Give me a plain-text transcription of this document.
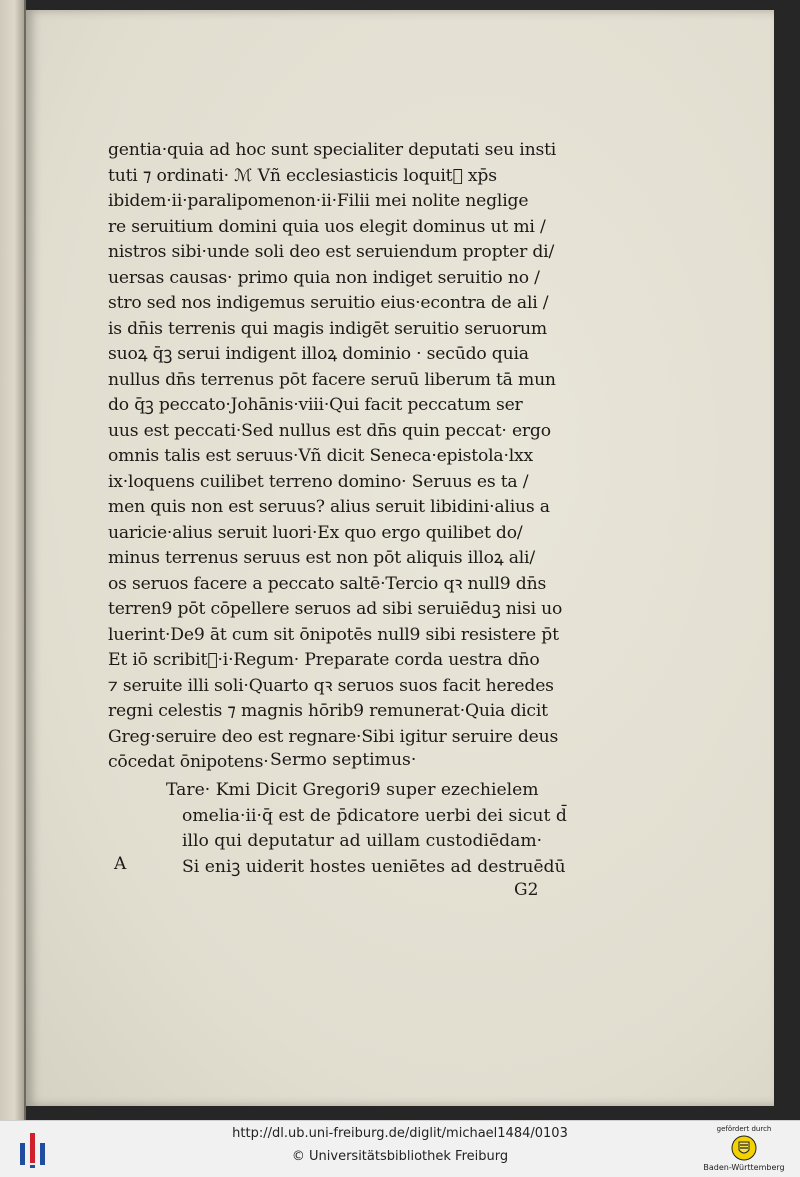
gentia·quia ad hoc sunt specialiter deputati seu insti
tuti ⁊ ordinati· ℳ Vñ ecclesiasticis loquit᷑ xp̄s
ibidem·ii·paralipomenon·ii·Filii mei nolite neglige
re seruitium domini quia uos elegit dominus ut mi /
nistros sibi·unde soli deo est seruiendum propter di/
uersas causas· primo quia non indiget seruitio no /
stro sed nos indigemus seruitio eius·econtra de ali /
is dn̄is terrenis qui magis indigēt seruitio seruorum
suoꝝ q̄ꝫ serui indigent illoꝝ dominio · secūdo quia
nullus dn̄s terrenus pōt facere seruū liberum tā mun
do q̄ꝫ peccato·Johānis·viii·Qui facit peccatum ser
uus est peccati·Sed nullus est dn̄s quin peccat· ergo
omnis talis est seruus·Vñ dicit Seneca·epistola·lxx
ix·loquens cuilibet terreno domino· Seruus es ta /
men quis non est seruus? alius seruit libidini·alius a
uaricie·alius seruit luori·Ex quo ergo quilibet do/
minus terrenus seruus est non pōt aliquis illoꝝ ali/
os seruos facere a peccato saltē·Tercio qꝛ null9 dn̄s
terren9 pōt cōpellere seruos ad sibi seruiēduꝫ nisi uo
luerint·De9 āt cum sit ōnipotēs null9 sibi resistere p̄t
Et iō scribit᷑·i·Regum· Preparate corda uestra dn̄o
⁊ seruite illi soli·Quarto qꝛ seruos suos facit heredes
regni celestis ⁊ magnis hōrib9 remunerat·Quia dicit
Greg·seruire deo est regnare·Sibi igitur seruire deus
cōcedat ōnipotens· Sermo septimus·
Tare· Kmi Dicit Gregori9 super ezechielem
omelia·ii·q̄ est de p̄dicatore uerbi dei sicut d̄
illo qui deputatur ad uillam custodiēdam·
Si eniꝫ uiderit hostes ueniētes ad destruēdū
A
G2
http://dl.ub.uni-freiburg.de/diglit/michael1484/0103
© Universitätsbibliothek Freiburg
gefördert durch
Baden-Württemberg
